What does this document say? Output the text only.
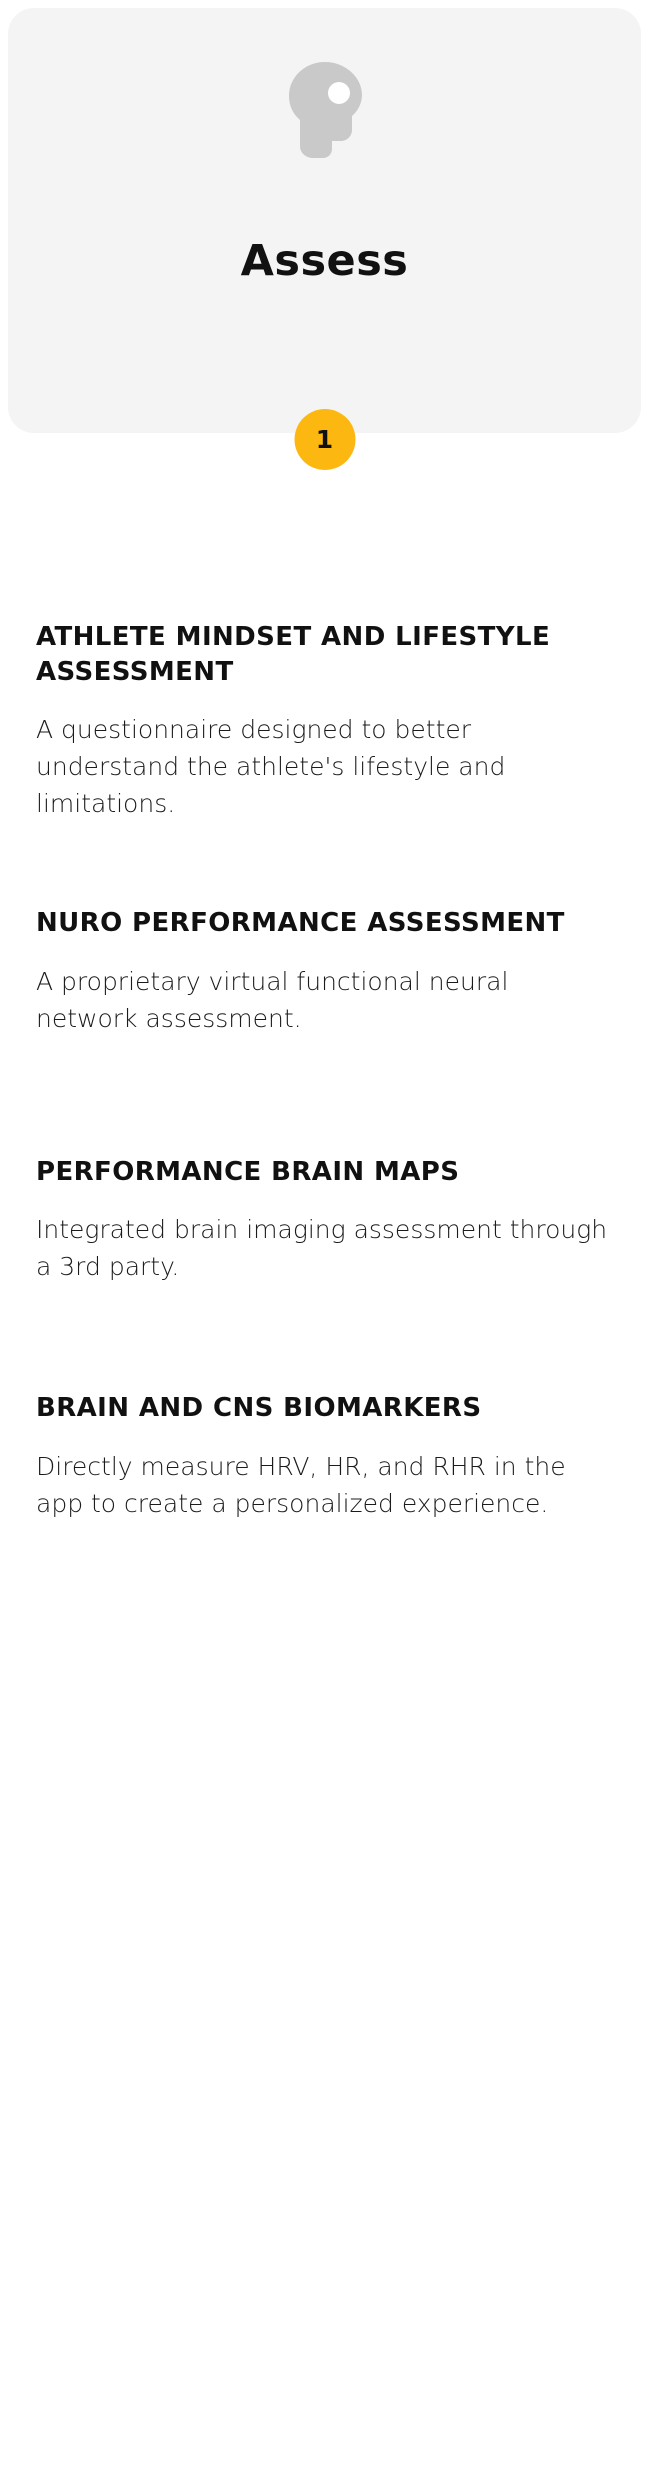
Assess
1

ATHLETE MINDSET AND LIFESTYLE ASSESSMENT

A questionnaire designed to better understand the athlete's lifestyle and limitations.

NURO PERFORMANCE ASSESSMENT

A proprietary virtual functional neural network assessment.

PERFORMANCE BRAIN MAPS

Integrated brain imaging assessment through a 3rd party.

BRAIN AND CNS BIOMARKERS

Directly measure HRV, HR, and RHR in the app to create a personalized experience.
